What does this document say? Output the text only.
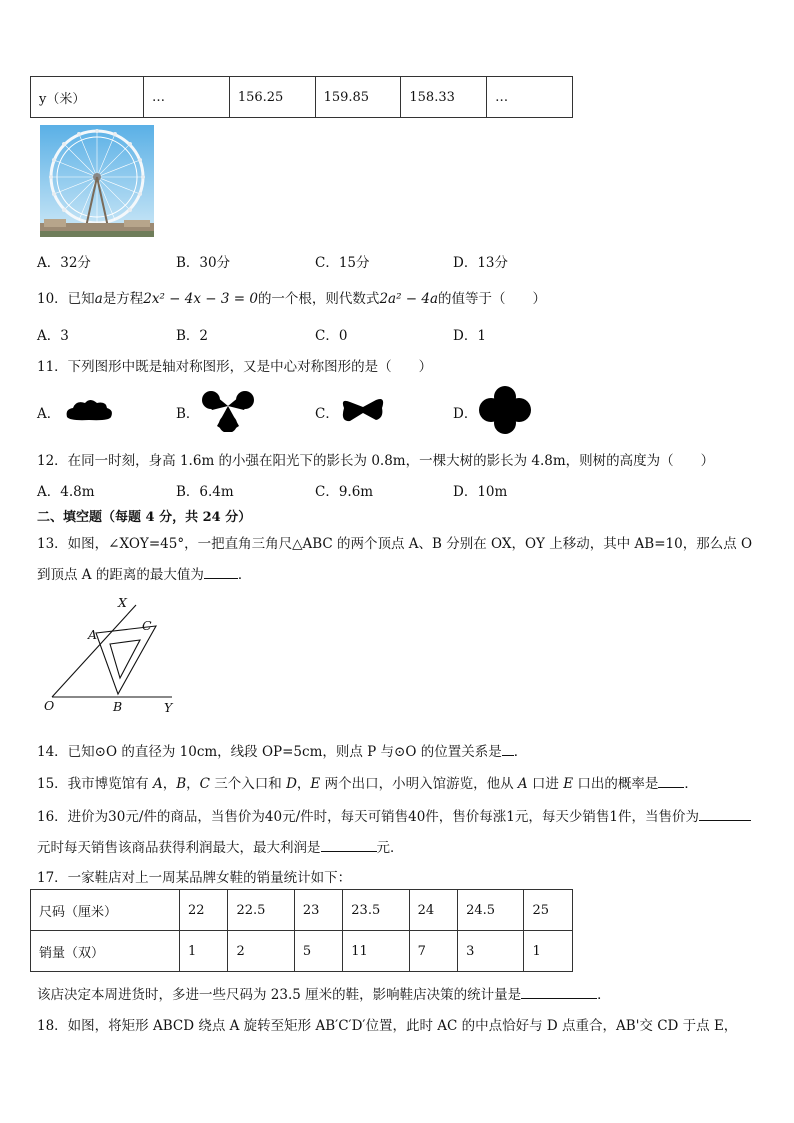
y（米）	…	156.25	159.85	158.33	…
A．32分	B．30分	C．15分	D．13分
10．已知a是方程2x² − 4x − 3 = 0的一个根，则代数式2a² − 4a的值等于（　　）
A．3	B．2	C．0	D．1
11．下列图形中既是轴对称图形，又是中心对称图形的是（　　）
A．	B．	C．	D．
12．在同一时刻，身高 1.6m 的小强在阳光下的影长为 0.8m，一棵大树的影长为 4.8m，则树的高度为（　　）
A．4.8m	B．6.4m	C．9.6m	D．10m
二、填空题（每题 4 分，共 24 分）
13．如图，∠XOY=45°，一把直角三角尺△ABC 的两个顶点 A、B 分别在 OX，OY 上移动，其中 AB=10，那么点 O
到顶点 A 的距离的最大值为	．
X
A
C
O	B	Y
14．已知⊙O 的直径为 10cm，线段 OP=5cm，则点 P 与⊙O 的位置关系是 ．
15．我市博览馆有 A，B，C 三个入口和 D，E 两个出口，小明入馆游览，他从 A 口进 E 口出的概率是 ．
16．进价为30元/件的商品，当售价为40元/件时，每天可销售40件，售价每涨1元，每天少销售1件，当售价为
元时每天销售该商品获得利润最大，最大利润是	元．
17．一家鞋店对上一周某品牌女鞋的销量统计如下：
尺码（厘米）	22	22.5	23	23.5	24	24.5	25
销量（双）	1	2	5	11	7	3	1
该店决定本周进货时，多进一些尺码为 23.5 厘米的鞋，影响鞋店决策的统计量是	．
18．如图，将矩形 ABCD 绕点 A 旋转至矩形 AB′C′D′位置，此时 AC 的中点恰好与 D 点重合，AB'交 CD 于点 E，
